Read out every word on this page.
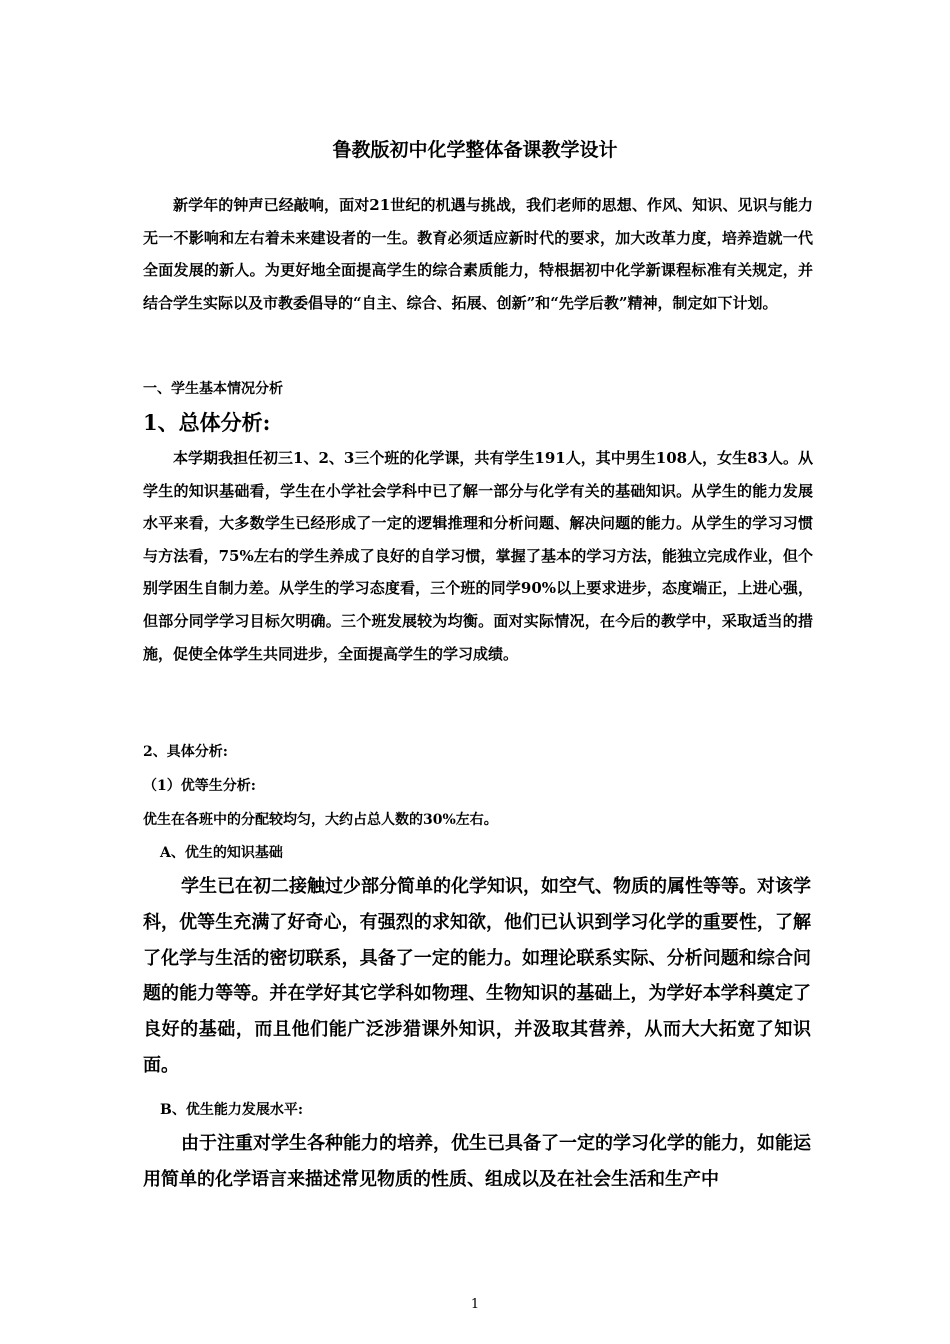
鲁教版初中化学整体备课教学设计
新学年的钟声已经敲响，面对21世纪的机遇与挑战，我们老师的思想、作风、知识、见识与能力无一不影响和左右着未来建设者的一生。教育必须适应新时代的要求，加大改革力度，培养造就一代全面发展的新人。为更好地全面提高学生的综合素质能力，特根据初中化学新课程标准有关规定，并结合学生实际以及市教委倡导的“自主、综合、拓展、创新”和“先学后教”精神，制定如下计划。
一、学生基本情况分析
1、总体分析:
本学期我担任初三1、2、3三个班的化学课，共有学生191人，其中男生108人，女生83人。从学生的知识基础看，学生在小学社会学科中已了解一部分与化学有关的基础知识。从学生的能力发展水平来看，大多数学生已经形成了一定的逻辑推理和分析问题、解决问题的能力。从学生的学习习惯与方法看，75%左右的学生养成了良好的自学习惯，掌握了基本的学习方法，能独立完成作业，但个别学困生自制力差。从学生的学习态度看，三个班的同学90%以上要求进步，态度端正，上进心强，但部分同学学习目标欠明确。三个班发展较为均衡。面对实际情况，在今后的教学中，采取适当的措施，促使全体学生共同进步，全面提高学生的学习成绩。
2、具体分析:
（1）优等生分析:
优生在各班中的分配较均匀，大约占总人数的30%左右。
A、优生的知识基础
学生已在初二接触过少部分简单的化学知识，如空气、物质的属性等等。对该学科，优等生充满了好奇心，有强烈的求知欲，他们已认识到学习化学的重要性，了解了化学与生活的密切联系，具备了一定的能力。如理论联系实际、分析问题和综合问题的能力等等。并在学好其它学科如物理、生物知识的基础上，为学好本学科奠定了良好的基础，而且他们能广泛涉猎课外知识，并汲取其营养，从而大大拓宽了知识面。
B、优生能力发展水平:
由于注重对学生各种能力的培养，优生已具备了一定的学习化学的能力，如能运用简单的化学语言来描述常见物质的性质、组成以及在社会生活和生产中
1
